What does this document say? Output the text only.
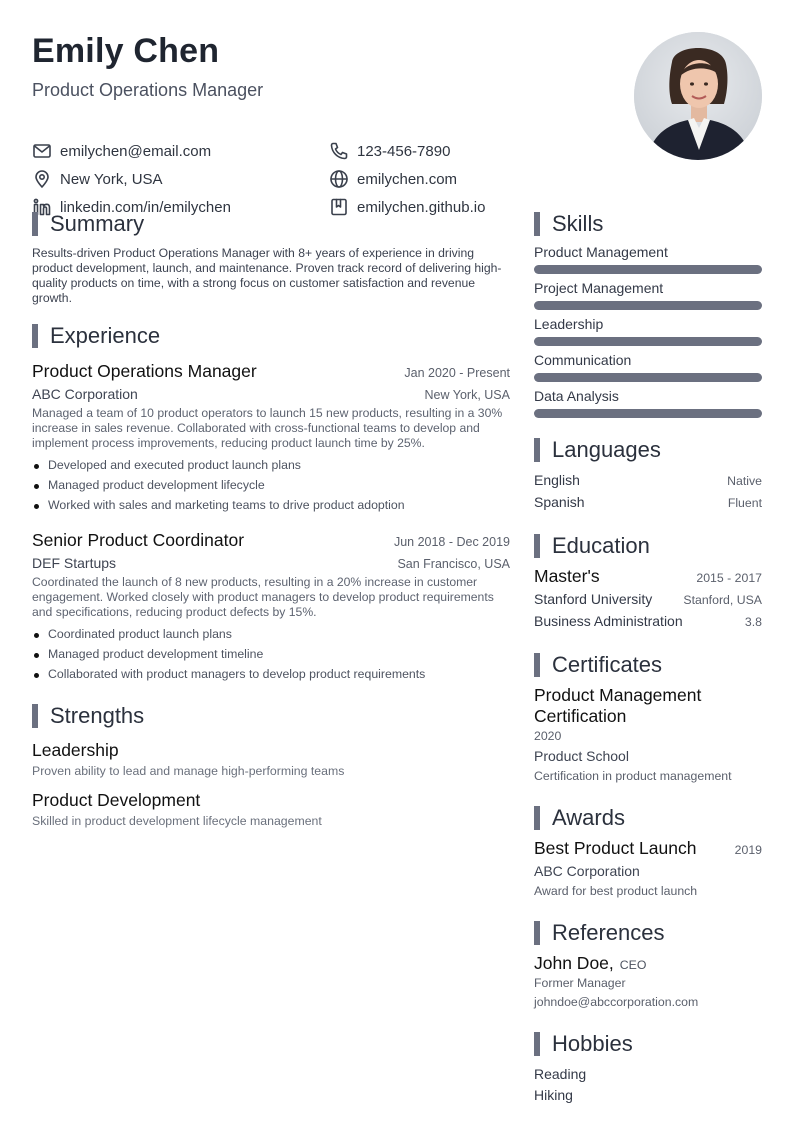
Emily Chen
Product Operations Manager
emilychen@email.com	123-456-7890
New York, USA	emilychen.com
linkedin.com/in/emilychen	emilychen.github.io
Summary
Results-driven Product Operations Manager with 8+ years of experience in driving product development, launch, and maintenance. Proven track record of delivering high-quality products on time, with a strong focus on customer satisfaction and revenue growth.
Experience
Product Operations Manager	Jan 2020 - Present
ABC Corporation	New York, USA
Managed a team of 10 product operators to launch 15 new products, resulting in a 30% increase in sales revenue. Collaborated with cross-functional teams to develop and implement process improvements, reducing product launch time by 25%.
Developed and executed product launch plans
Managed product development lifecycle
Worked with sales and marketing teams to drive product adoption
Senior Product Coordinator	Jun 2018 - Dec 2019
DEF Startups	San Francisco, USA
Coordinated the launch of 8 new products, resulting in a 20% increase in customer engagement. Worked closely with product managers to develop product requirements and specifications, reducing product defects by 15%.
Coordinated product launch plans
Managed product development timeline
Collaborated with product managers to develop product requirements
Strengths
Leadership
Proven ability to lead and manage high-performing teams
Product Development
Skilled in product development lifecycle management
Skills
Product Management
Project Management
Leadership
Communication
Data Analysis
Languages
English	Native
Spanish	Fluent
Education
Master's	2015 - 2017
Stanford University	Stanford, USA
Business Administration	3.8
Certificates
Product Management Certification
2020
Product School
Certification in product management
Awards
Best Product Launch	2019
ABC Corporation
Award for best product launch
References
John Doe, CEO
Former Manager
johndoe@abccorporation.com
Hobbies
Reading
Hiking
